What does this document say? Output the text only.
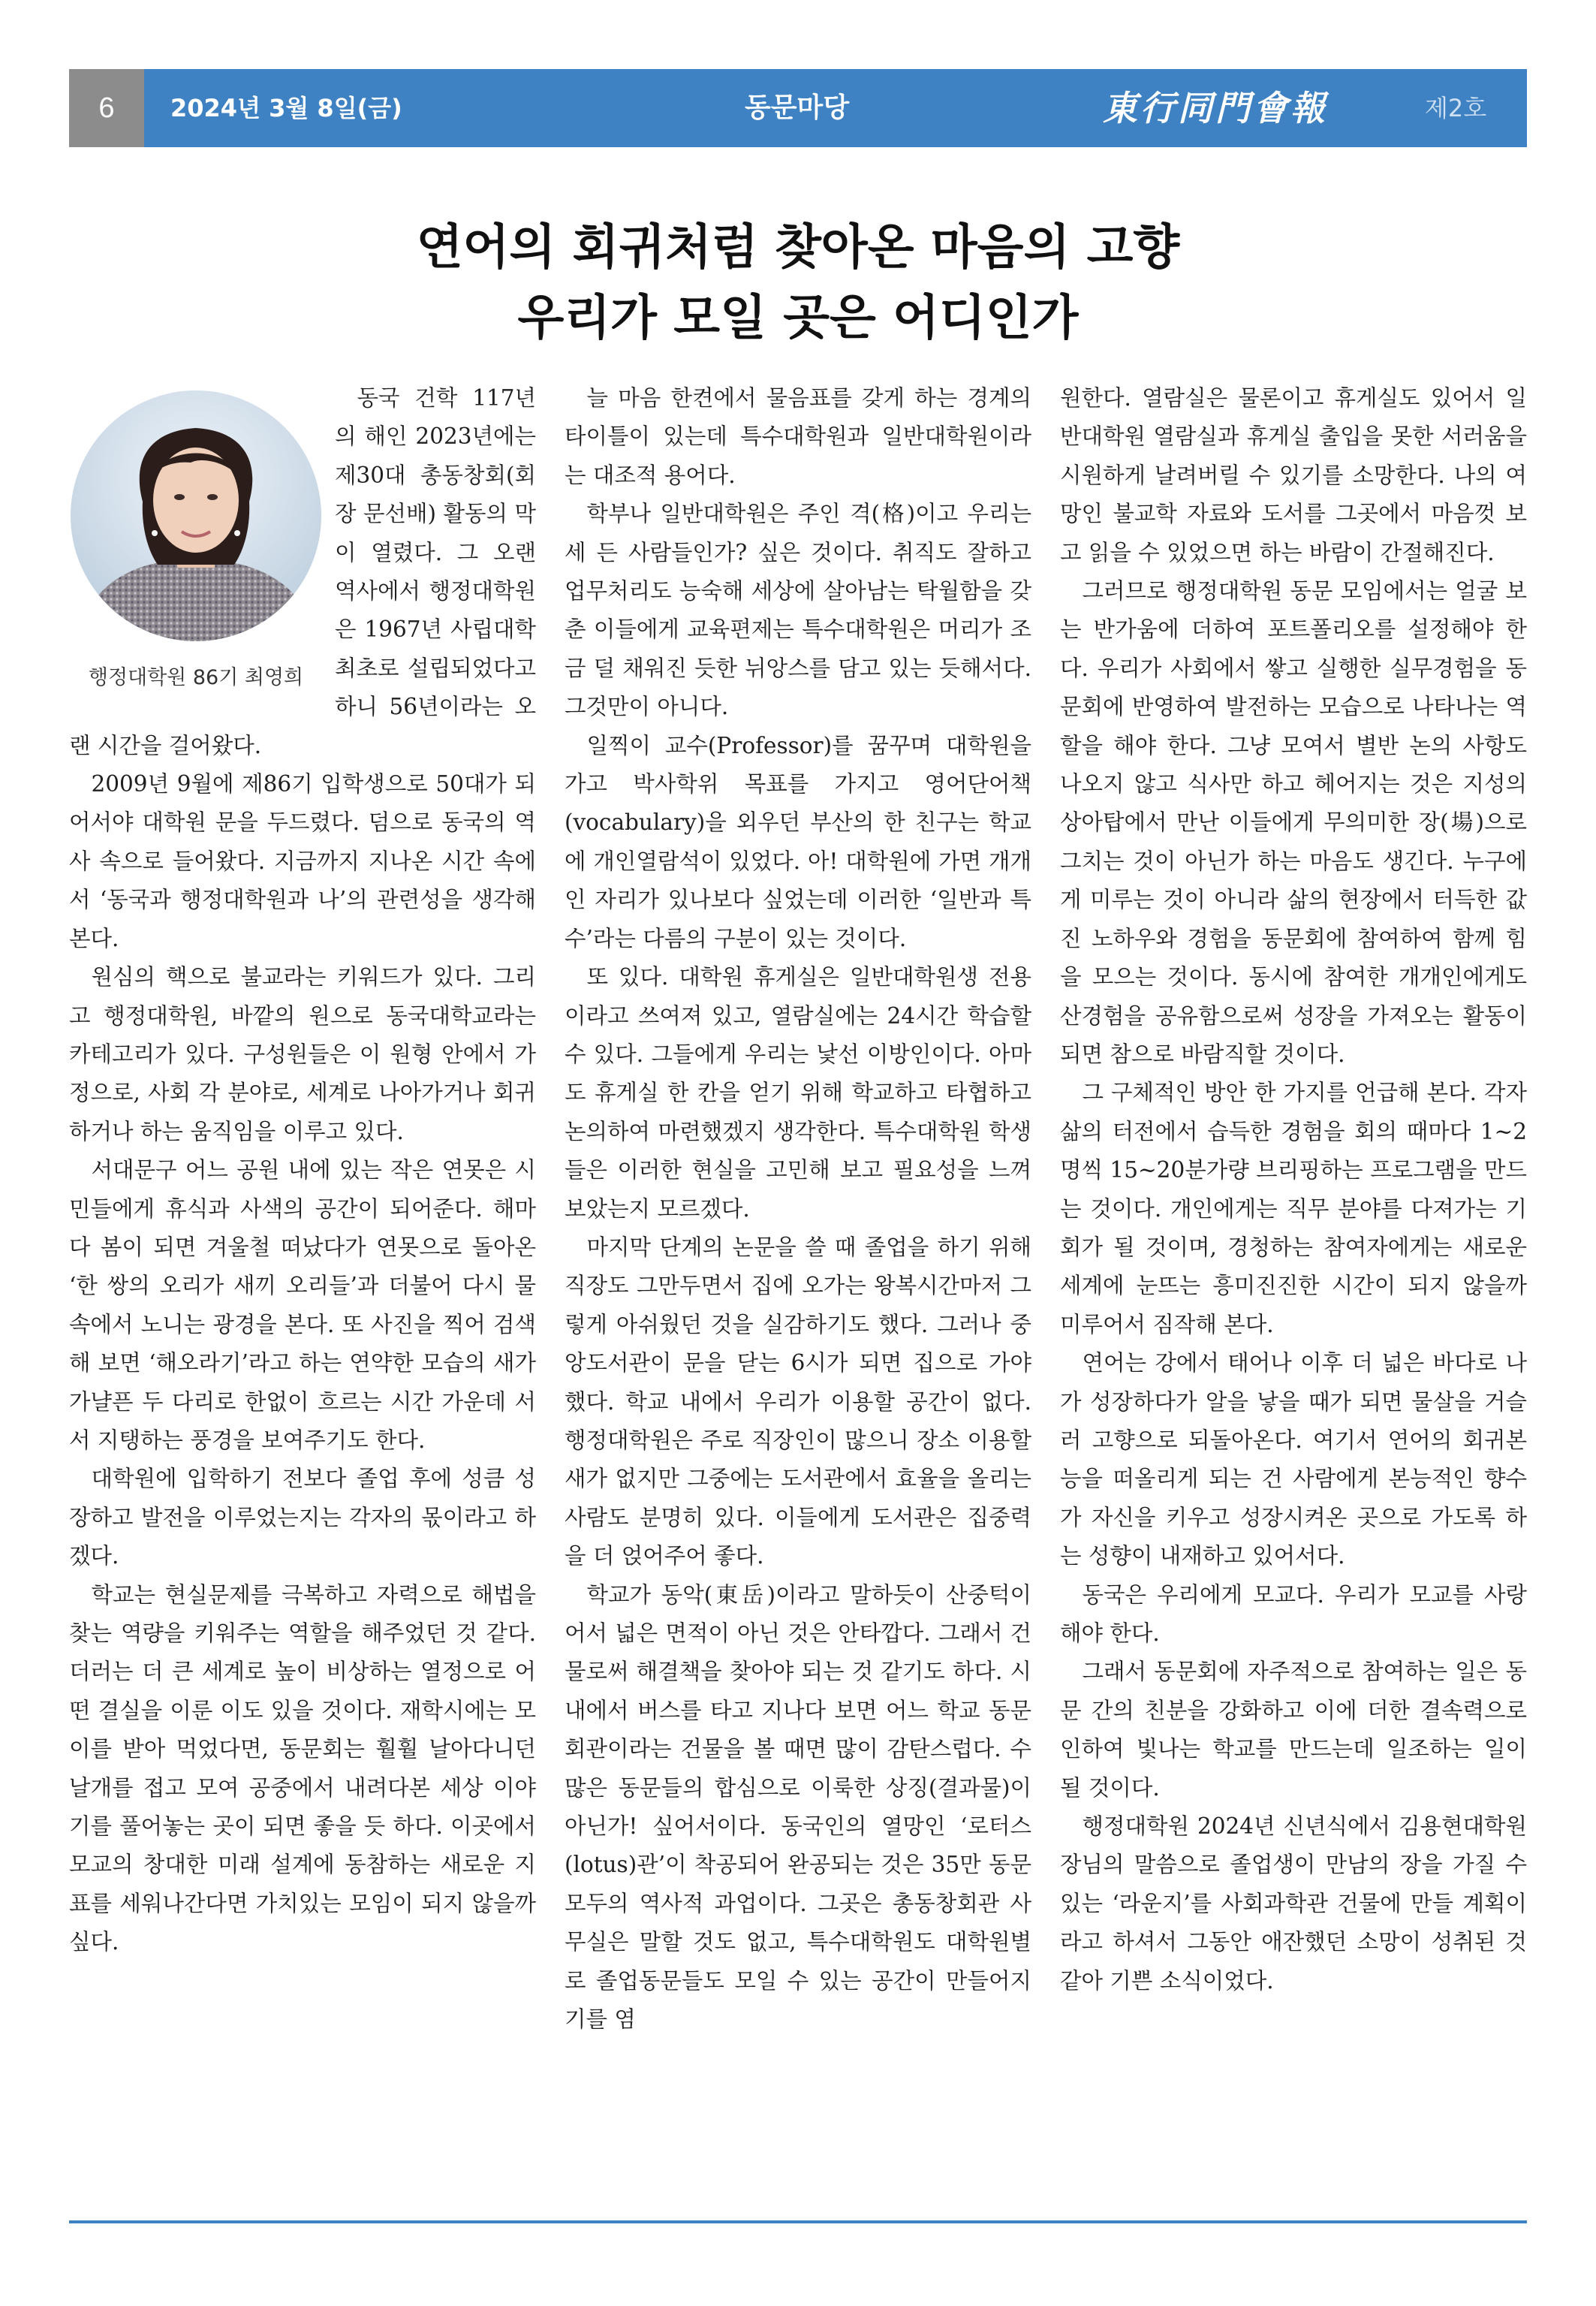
6	2024년 3월 8일(금)	동문마당	東行同門會報	제2호
연어의 회귀처럼 찾아온 마음의 고향
우리가 모일 곳은 어디인가
행정대학원 86기 최영희

동국 건학 117년의 해인 2023년에는 제30대 총동창회(회장 문선배) 활동의 막이 열렸다. 그 오랜 역사에서 행정대학원은 1967년 사립대학 최초로 설립되었다고 하니 56년이라는 오랜 시간을 걸어왔다.

2009년 9월에 제86기 입학생으로 50대가 되어서야 대학원 문을 두드렸다. 덤으로 동국의 역사 속으로 들어왔다. 지금까지 지나온 시간 속에서 ‘동국과 행정대학원과 나’의 관련성을 생각해 본다.

원심의 핵으로 불교라는 키워드가 있다. 그리고 행정대학원, 바깥의 원으로 동국대학교라는 카테고리가 있다. 구성원들은 이 원형 안에서 가정으로, 사회 각 분야로, 세계로 나아가거나 회귀하거나 하는 움직임을 이루고 있다.

서대문구 어느 공원 내에 있는 작은 연못은 시민들에게 휴식과 사색의 공간이 되어준다. 해마다 봄이 되면 겨울철 떠났다가 연못으로 돌아온 ‘한 쌍의 오리가 새끼 오리들’과 더불어 다시 물속에서 노니는 광경을 본다. 또 사진을 찍어 검색해 보면 ‘해오라기’라고 하는 연약한 모습의 새가 가냘픈 두 다리로 한없이 흐르는 시간 가운데 서서 지탱하는 풍경을 보여주기도 한다.

대학원에 입학하기 전보다 졸업 후에 성큼 성장하고 발전을 이루었는지는 각자의 몫이라고 하겠다.

학교는 현실문제를 극복하고 자력으로 해법을 찾는 역량을 키워주는 역할을 해주었던 것 같다. 더러는 더 큰 세계로 높이 비상하는 열정으로 어떤 결실을 이룬 이도 있을 것이다. 재학시에는 모이를 받아 먹었다면, 동문회는 훨훨 날아다니던 날개를 접고 모여 공중에서 내려다본 세상 이야기를 풀어놓는 곳이 되면 좋을 듯 하다. 이곳에서 모교의 창대한 미래 설계에 동참하는 새로운 지표를 세워나간다면 가치있는 모임이 되지 않을까 싶다.

늘 마음 한켠에서 물음표를 갖게 하는 경계의 타이틀이 있는데 특수대학원과 일반대학원이라는 대조적 용어다.

학부나 일반대학원은 주인 격(格)이고 우리는 세 든 사람들인가? 싶은 것이다. 취직도 잘하고 업무처리도 능숙해 세상에 살아남는 탁월함을 갖춘 이들에게 교육편제는 특수대학원은 머리가 조금 덜 채워진 듯한 뉘앙스를 담고 있는 듯해서다. 그것만이 아니다.

일찍이 교수(Professor)를 꿈꾸며 대학원을 가고 박사학위 목표를 가지고 영어단어책(vocabulary)을 외우던 부산의 한 친구는 학교에 개인열람석이 있었다. 아! 대학원에 가면 개개인 자리가 있나보다 싶었는데 이러한 ‘일반과 특수’라는 다름의 구분이 있는 것이다.

또 있다. 대학원 휴게실은 일반대학원생 전용이라고 쓰여져 있고, 열람실에는 24시간 학습할 수 있다. 그들에게 우리는 낯선 이방인이다. 아마도 휴게실 한 칸을 얻기 위해 학교하고 타협하고 논의하여 마련했겠지 생각한다. 특수대학원 학생들은 이러한 현실을 고민해 보고 필요성을 느껴 보았는지 모르겠다.

마지막 단계의 논문을 쓸 때 졸업을 하기 위해 직장도 그만두면서 집에 오가는 왕복시간마저 그렇게 아쉬웠던 것을 실감하기도 했다. 그러나 중앙도서관이 문을 닫는 6시가 되면 집으로 가야 했다. 학교 내에서 우리가 이용할 공간이 없다. 행정대학원은 주로 직장인이 많으니 장소 이용할 새가 없지만 그중에는 도서관에서 효율을 올리는 사람도 분명히 있다. 이들에게 도서관은 집중력을 더 얹어주어 좋다.

학교가 동악(東岳)이라고 말하듯이 산중턱이어서 넓은 면적이 아닌 것은 안타깝다. 그래서 건물로써 해결책을 찾아야 되는 것 같기도 하다. 시내에서 버스를 타고 지나다 보면 어느 학교 동문회관이라는 건물을 볼 때면 많이 감탄스럽다. 수많은 동문들의 합심으로 이룩한 상징(결과물)이 아닌가! 싶어서이다. 동국인의 열망인 ‘로터스(lotus)관’이 착공되어 완공되는 것은 35만 동문 모두의 역사적 과업이다. 그곳은 총동창회관 사무실은 말할 것도 없고, 특수대학원도 대학원별로 졸업동문들도 모일 수 있는 공간이 만들어지기를 염

원한다. 열람실은 물론이고 휴게실도 있어서 일반대학원 열람실과 휴게실 출입을 못한 서러움을 시원하게 날려버릴 수 있기를 소망한다. 나의 여망인 불교학 자료와 도서를 그곳에서 마음껏 보고 읽을 수 있었으면 하는 바람이 간절해진다.

그러므로 행정대학원 동문 모임에서는 얼굴 보는 반가움에 더하여 포트폴리오를 설정해야 한다. 우리가 사회에서 쌓고 실행한 실무경험을 동문회에 반영하여 발전하는 모습으로 나타나는 역할을 해야 한다. 그냥 모여서 별반 논의 사항도 나오지 않고 식사만 하고 헤어지는 것은 지성의 상아탑에서 만난 이들에게 무의미한 장(場)으로 그치는 것이 아닌가 하는 마음도 생긴다. 누구에게 미루는 것이 아니라 삶의 현장에서 터득한 값진 노하우와 경험을 동문회에 참여하여 함께 힘을 모으는 것이다. 동시에 참여한 개개인에게도 산경험을 공유함으로써 성장을 가져오는 활동이 되면 참으로 바람직할 것이다.

그 구체적인 방안 한 가지를 언급해 본다. 각자 삶의 터전에서 습득한 경험을 회의 때마다 1~2명씩 15~20분가량 브리핑하는 프로그램을 만드는 것이다. 개인에게는 직무 분야를 다져가는 기회가 될 것이며, 경청하는 참여자에게는 새로운 세계에 눈뜨는 흥미진진한 시간이 되지 않을까 미루어서 짐작해 본다.

연어는 강에서 태어나 이후 더 넓은 바다로 나가 성장하다가 알을 낳을 때가 되면 물살을 거슬러 고향으로 되돌아온다. 여기서 연어의 회귀본능을 떠올리게 되는 건 사람에게 본능적인 향수가 자신을 키우고 성장시켜온 곳으로 가도록 하는 성향이 내재하고 있어서다.

동국은 우리에게 모교다. 우리가 모교를 사랑해야 한다.

그래서 동문회에 자주적으로 참여하는 일은 동문 간의 친분을 강화하고 이에 더한 결속력으로 인하여 빛나는 학교를 만드는데 일조하는 일이 될 것이다.

행정대학원 2024년 신년식에서 김용현대학원장님의 말씀으로 졸업생이 만남의 장을 가질 수 있는 ‘라운지’를 사회과학관 건물에 만들 계획이라고 하셔서 그동안 애잔했던 소망이 성취된 것 같아 기쁜 소식이었다.
